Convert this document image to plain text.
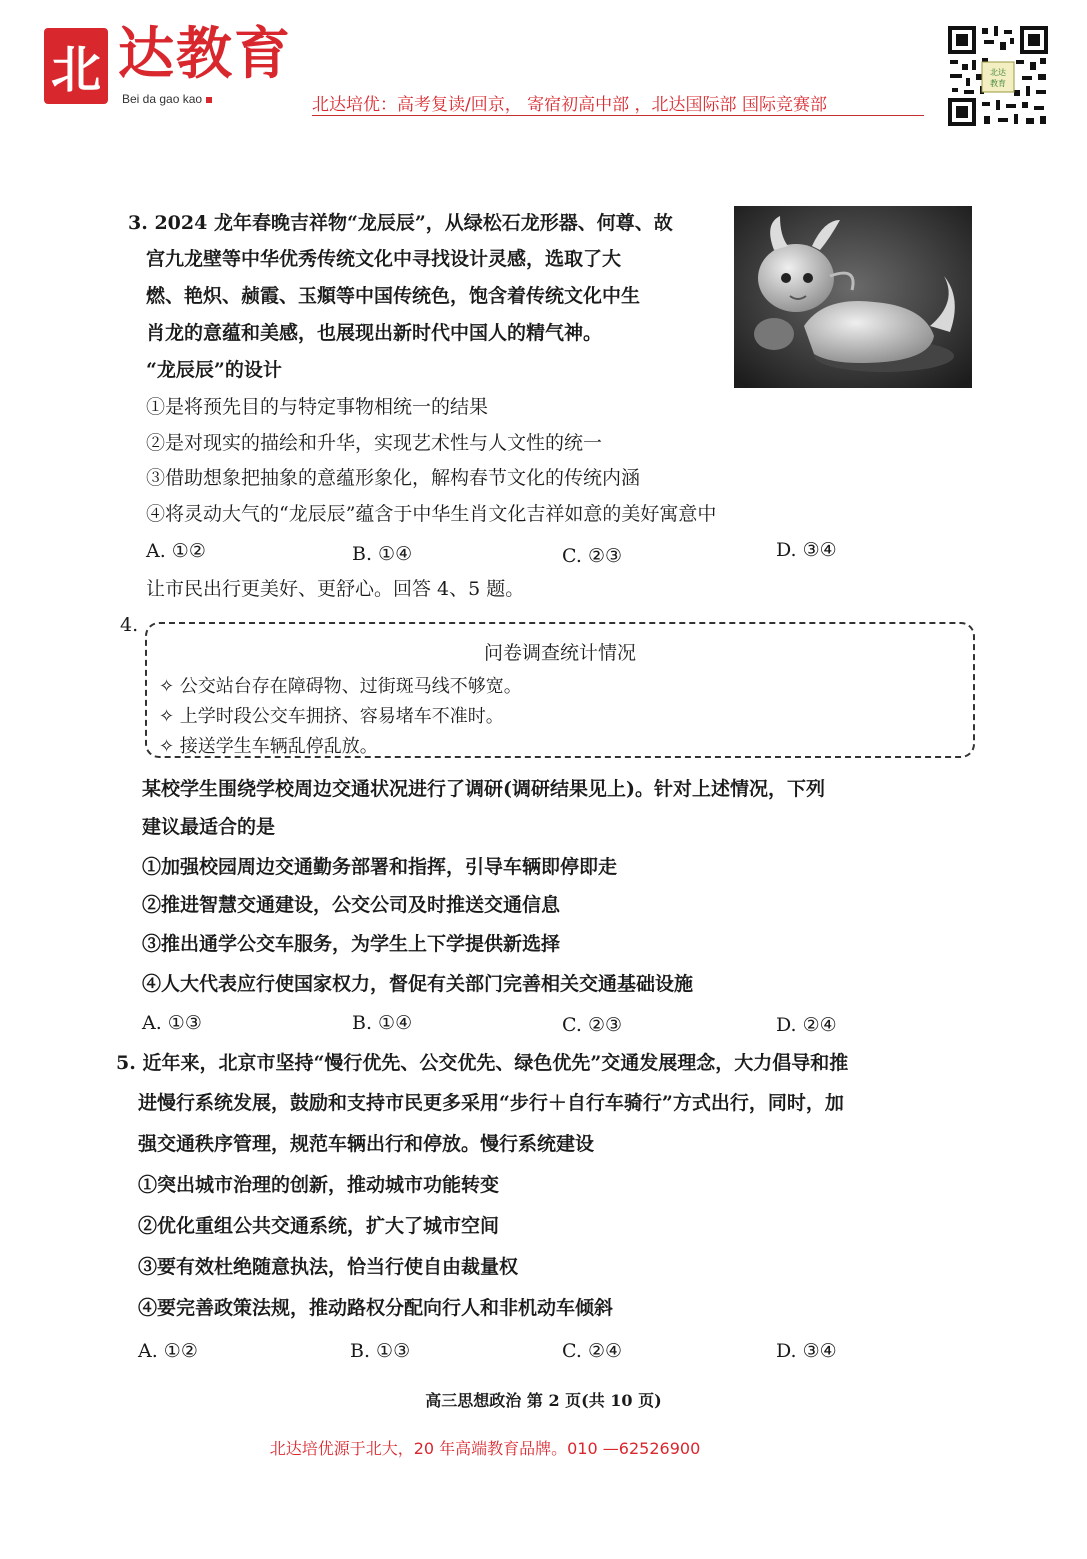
北 达教育
Bei da gao kao	北达培优：高考复读/回京， 寄宿初高中部 ，北达国际部 国际竞赛部
北达
教育
3. 2024 龙年春晚吉祥物“龙辰辰”，从绿松石龙形器、何尊、故
宫九龙壁等中华优秀传统文化中寻找设计灵感，选取了大
燃、艳炽、赪霞、玉頫等中国传统色，饱含着传统文化中生
肖龙的意蕴和美感，也展现出新时代中国人的精气神。
“龙辰辰”的设计
①是将预先目的与特定事物相统一的结果
②是对现实的描绘和升华，实现艺术性与人文性的统一
③借助想象把抽象的意蕴形象化，解构春节文化的传统内涵
④将灵动大气的“龙辰辰”蕴含于中华生肖文化吉祥如意的美好寓意中
A. ①②	B. ①④	C. ②③	D. ③④
让市民出行更美好、更舒心。回答 4、5 题。
4.
问卷调查统计情况
✧ 公交站台存在障碍物、过街斑马线不够宽。
✧ 上学时段公交车拥挤、容易堵车不准时。
✧ 接送学生车辆乱停乱放。
某校学生围绕学校周边交通状况进行了调研(调研结果见上)。针对上述情况，下列
建议最适合的是
①加强校园周边交通勤务部署和指挥，引导车辆即停即走
②推进智慧交通建设，公交公司及时推送交通信息
③推出通学公交车服务，为学生上下学提供新选择
④人大代表应行使国家权力，督促有关部门完善相关交通基础设施
A. ①③	B. ①④	C. ②③	D. ②④
5. 近年来，北京市坚持“慢行优先、公交优先、绿色优先”交通发展理念，大力倡导和推
进慢行系统发展，鼓励和支持市民更多采用“步行＋自行车骑行”方式出行，同时，加
强交通秩序管理，规范车辆出行和停放。慢行系统建设
①突出城市治理的创新，推动城市功能转变
②优化重组公共交通系统，扩大了城市空间
③要有效杜绝随意执法，恰当行使自由裁量权
④要完善政策法规，推动路权分配向行人和非机动车倾斜
A. ①②	B. ①③	C. ②④	D. ③④
高三思想政治 第 2 页(共 10 页)
北达培优源于北大，20 年高端教育品牌。010 —62526900
